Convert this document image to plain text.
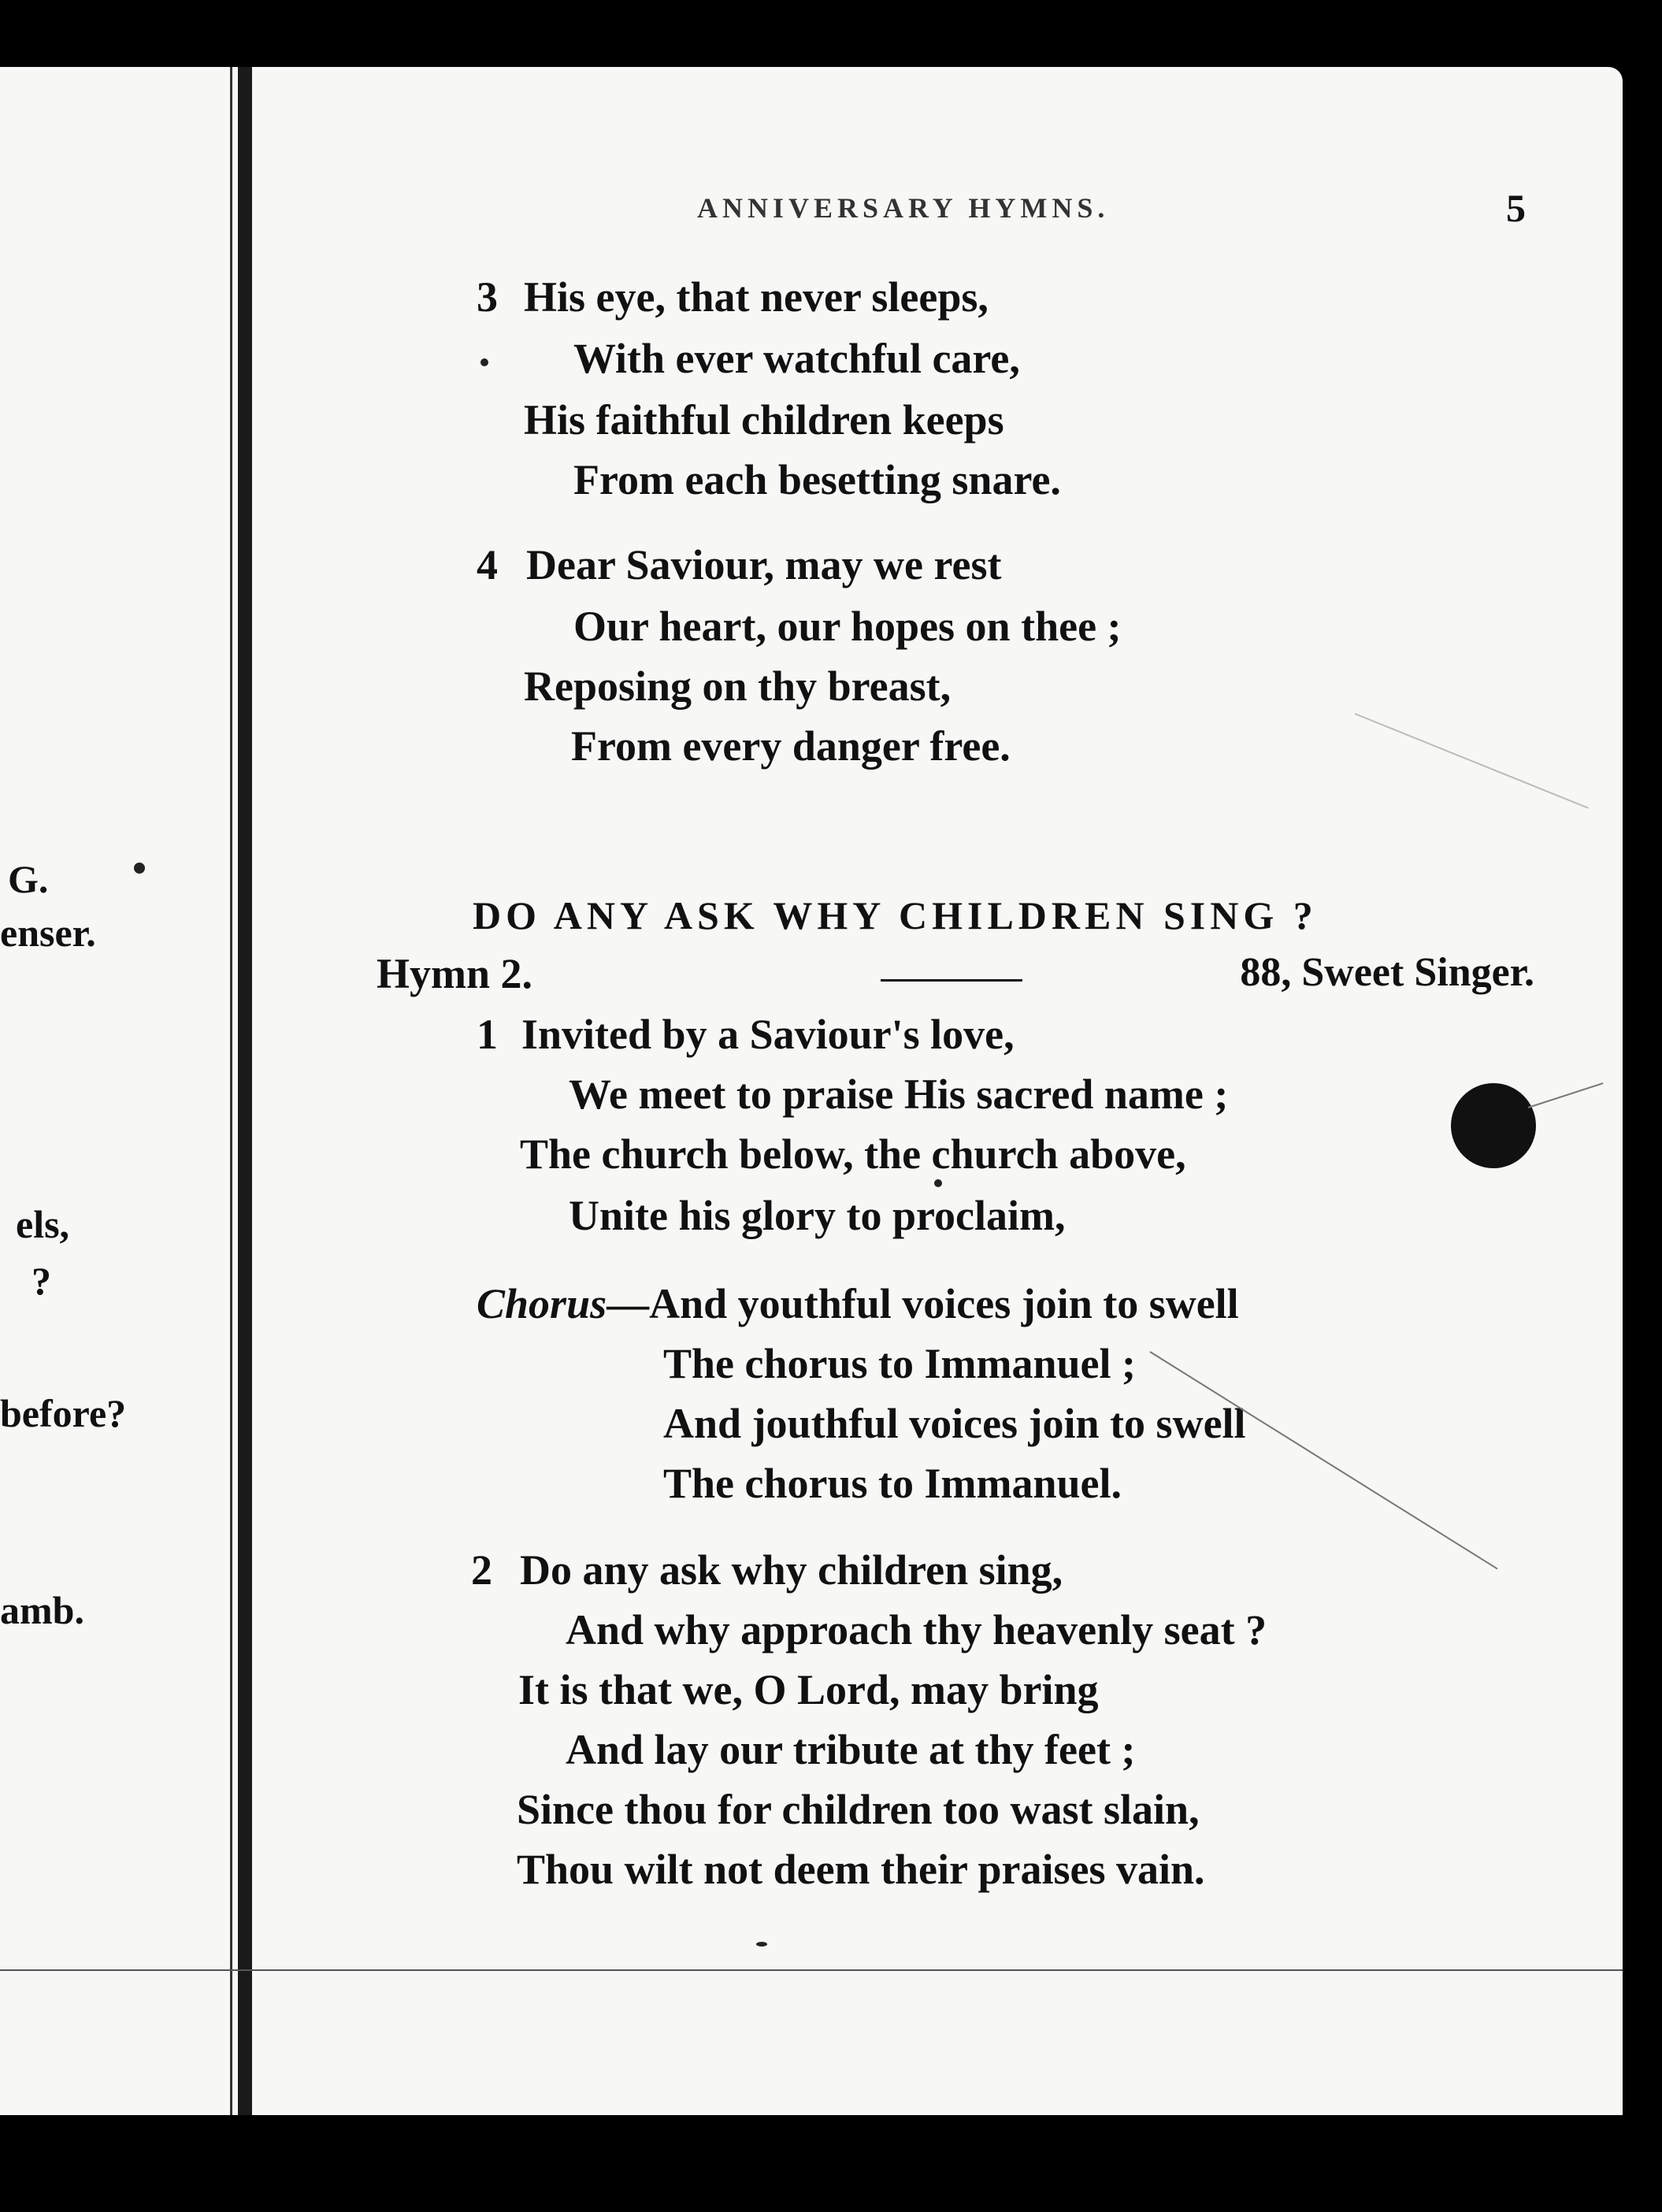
G.
enser.
els,
?
before?
amb.
ANNIVERSARY HYMNS.	5
3 His eye, that never sleeps,
With ever watchful care,
His faithful children keeps
From each besetting snare.
4 Dear Saviour, may we rest
Our heart, our hopes on thee ;
Reposing on thy breast,
From every danger free.
DO ANY ASK WHY CHILDREN SING ?
Hymn 2.	88, Sweet Singer.
1 Invited by a Saviour's love,
We meet to praise His sacred name ;
The church below, the church above,
Unite his glory to proclaim,
Chorus—And youthful voices join to swell
The chorus to Immanuel ;
And jouthful voices join to swell
The chorus to Immanuel.
2 Do any ask why children sing,
And why approach thy heavenly seat ?
It is that we, O Lord, may bring
And lay our tribute at thy feet ;
Since thou for children too wast slain,
Thou wilt not deem their praises vain.
